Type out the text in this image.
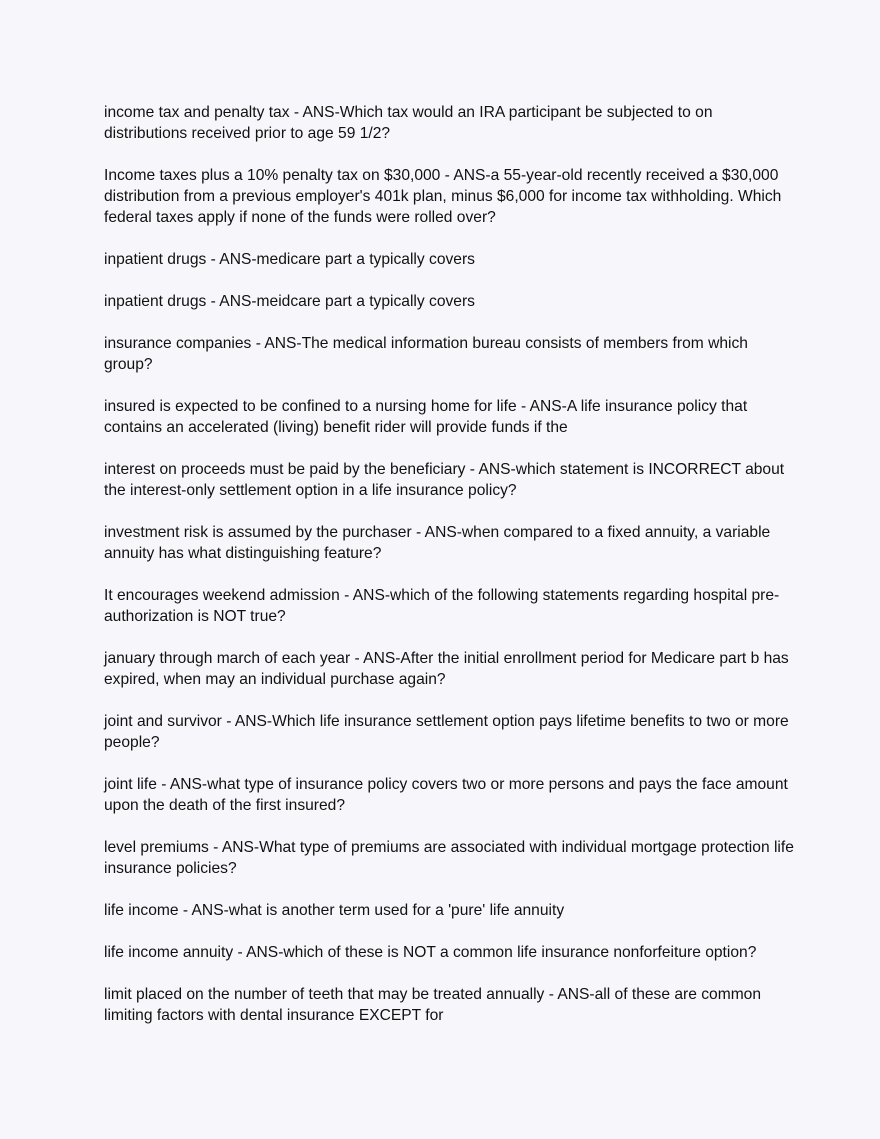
income tax and penalty tax - ANS-Which tax would an IRA participant be subjected to on distributions received prior to age 59 1/2?

Income taxes plus a 10% penalty tax on $30,000 - ANS-a 55-year-old recently received a $30,000 distribution from a previous employer's 401k plan, minus $6,000 for income tax withholding. Which federal taxes apply if none of the funds were rolled over?

inpatient drugs - ANS-medicare part a typically covers

inpatient drugs - ANS-meidcare part a typically covers

insurance companies - ANS-The medical information bureau consists of members from which group?

insured is expected to be confined to a nursing home for life - ANS-A life insurance policy that contains an accelerated (living) benefit rider will provide funds if the

interest on proceeds must be paid by the beneficiary - ANS-which statement is INCORRECT about the interest-only settlement option in a life insurance policy?

investment risk is assumed by the purchaser - ANS-when compared to a fixed annuity, a variable annuity has what distinguishing feature?

It encourages weekend admission - ANS-which of the following statements regarding hospital pre-authorization is NOT true?

january through march of each year - ANS-After the initial enrollment period for Medicare part b has expired, when may an individual purchase again?

joint and survivor - ANS-Which life insurance settlement option pays lifetime benefits to two or more people?

joint life - ANS-what type of insurance policy covers two or more persons and pays the face amount upon the death of the first insured?

level premiums - ANS-What type of premiums are associated with individual mortgage protection life insurance policies?

life income - ANS-what is another term used for a 'pure' life annuity

life income annuity - ANS-which of these is NOT a common life insurance nonforfeiture option?

limit placed on the number of teeth that may be treated annually - ANS-all of these are common limiting factors with dental insurance EXCEPT for
